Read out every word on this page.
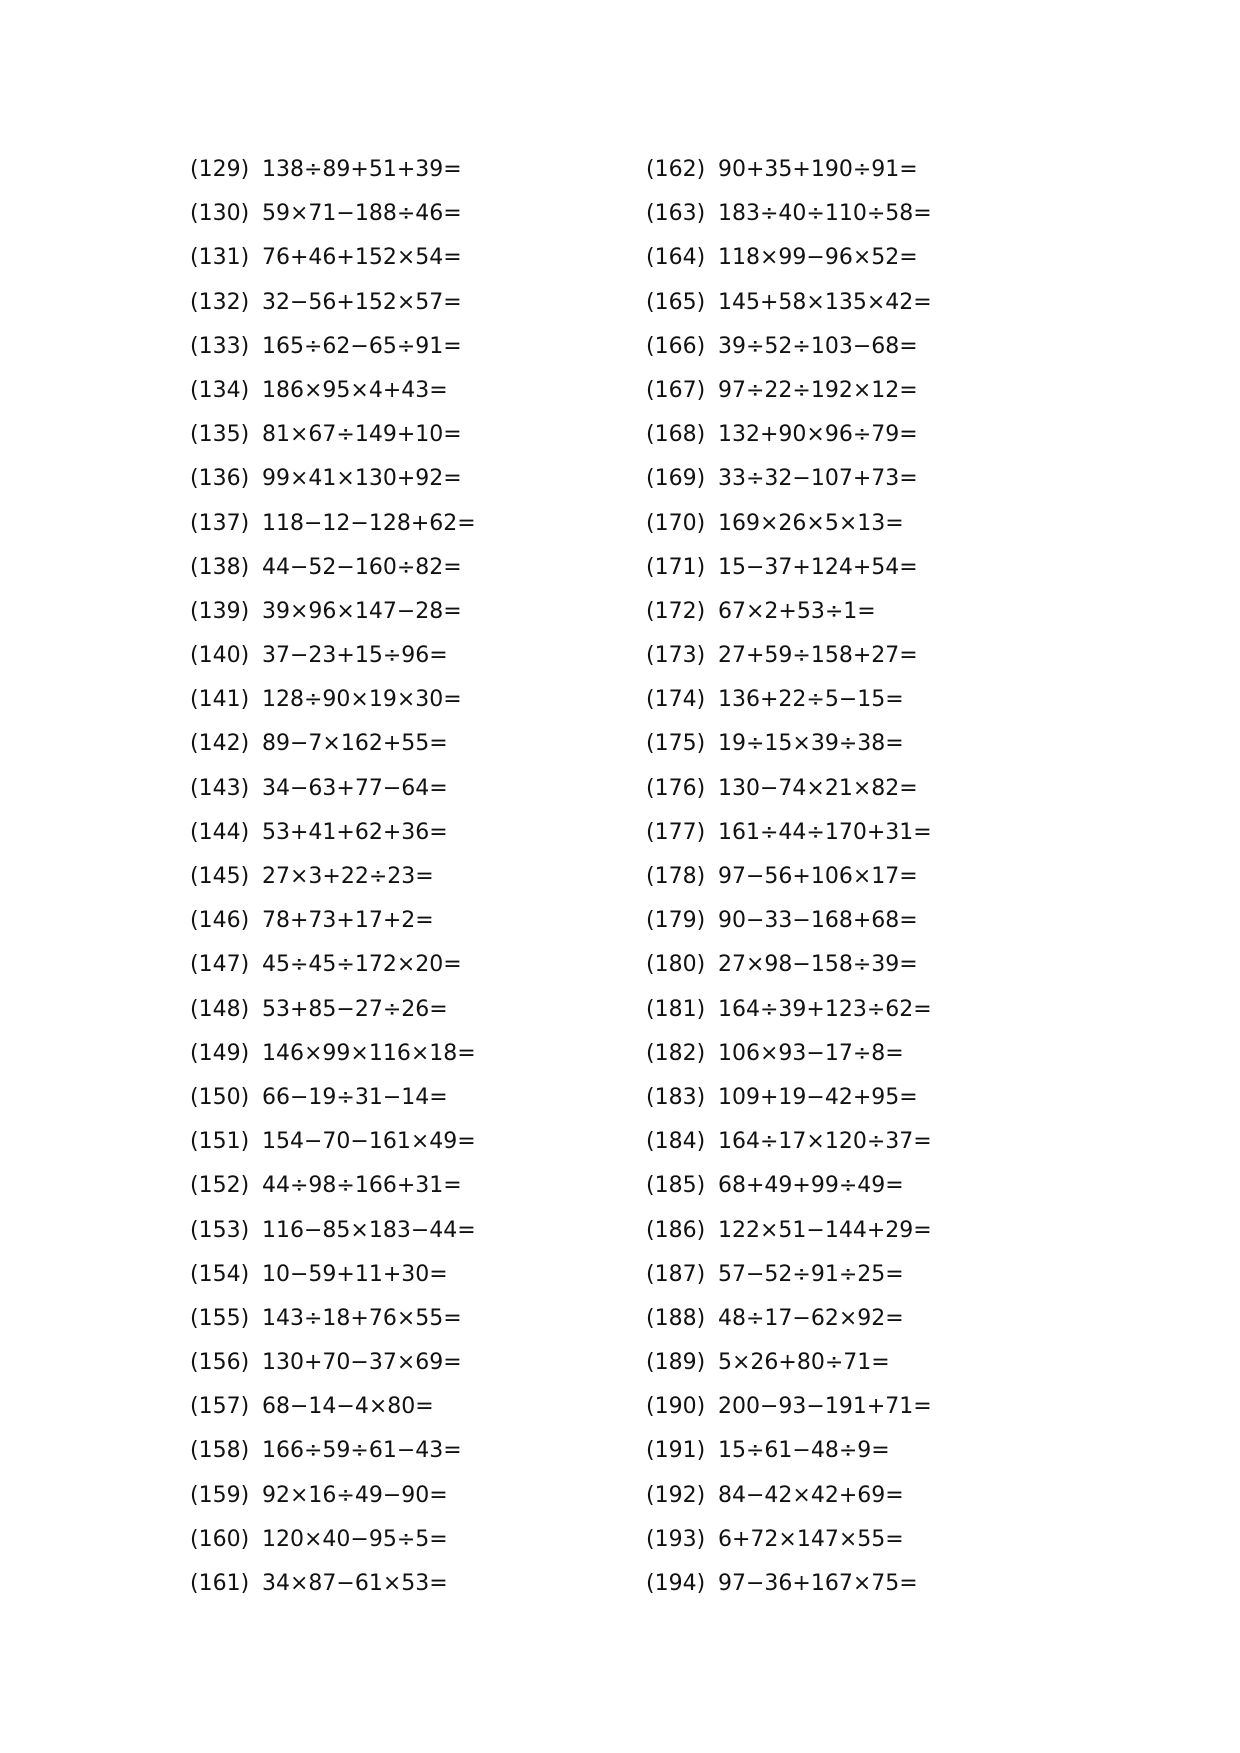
(129) 138÷89+51+39=
(130) 59×71−188÷46=
(131) 76+46+152×54=
(132) 32−56+152×57=
(133) 165÷62−65÷91=
(134) 186×95×4+43=
(135) 81×67÷149+10=
(136) 99×41×130+92=
(137) 118−12−128+62=
(138) 44−52−160÷82=
(139) 39×96×147−28=
(140) 37−23+15÷96=
(141) 128÷90×19×30=
(142) 89−7×162+55=
(143) 34−63+77−64=
(144) 53+41+62+36=
(145) 27×3+22÷23=
(146) 78+73+17+2=
(147) 45÷45÷172×20=
(148) 53+85−27÷26=
(149) 146×99×116×18=
(150) 66−19÷31−14=
(151) 154−70−161×49=
(152) 44÷98÷166+31=
(153) 116−85×183−44=
(154) 10−59+11+30=
(155) 143÷18+76×55=
(156) 130+70−37×69=
(157) 68−14−4×80=
(158) 166÷59÷61−43=
(159) 92×16÷49−90=
(160) 120×40−95÷5=
(161) 34×87−61×53=
(162) 90+35+190÷91=
(163) 183÷40÷110÷58=
(164) 118×99−96×52=
(165) 145+58×135×42=
(166) 39÷52÷103−68=
(167) 97÷22÷192×12=
(168) 132+90×96÷79=
(169) 33÷32−107+73=
(170) 169×26×5×13=
(171) 15−37+124+54=
(172) 67×2+53÷1=
(173) 27+59÷158+27=
(174) 136+22÷5−15=
(175) 19÷15×39÷38=
(176) 130−74×21×82=
(177) 161÷44÷170+31=
(178) 97−56+106×17=
(179) 90−33−168+68=
(180) 27×98−158÷39=
(181) 164÷39+123÷62=
(182) 106×93−17÷8=
(183) 109+19−42+95=
(184) 164÷17×120÷37=
(185) 68+49+99÷49=
(186) 122×51−144+29=
(187) 57−52÷91÷25=
(188) 48÷17−62×92=
(189) 5×26+80÷71=
(190) 200−93−191+71=
(191) 15÷61−48÷9=
(192) 84−42×42+69=
(193) 6+72×147×55=
(194) 97−36+167×75=
